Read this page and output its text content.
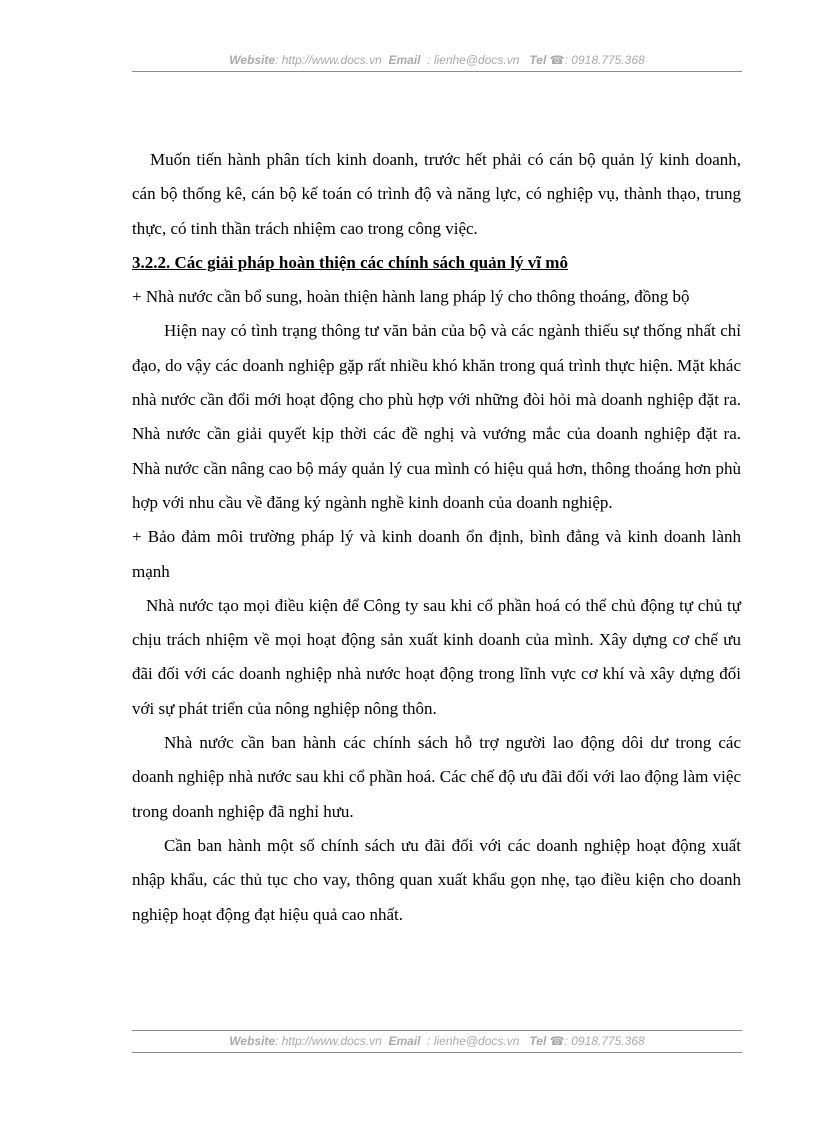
Website: http://www.docs.vn Email : lienhe@docs.vn Tel ☎: 0918.775.368

Muốn tiến hành phân tích kinh doanh, trước hết phải có cán bộ quản lý kinh doanh, cán bộ thống kê, cán bộ kế toán có trình độ và năng lực, có nghiệp vụ, thành thạo, trung thực, có tinh thần trách nhiệm cao trong công việc.

3.2.2. Các giải pháp hoàn thiện các chính sách quản lý vĩ mô

+ Nhà nước cần bổ sung, hoàn thiện hành lang pháp lý cho thông thoáng, đồng bộ

Hiện nay có tình trạng thông tư văn bản của bộ và các ngành thiếu sự thống nhất chỉ đạo, do vậy các doanh nghiệp gặp rất nhiều khó khăn trong quá trình thực hiện. Mặt khác nhà nước cần đổi mới hoạt động cho phù hợp với những đòi hỏi mà doanh nghiệp đặt ra. Nhà nước cần giải quyết kịp thời các đề nghị và vướng mắc của doanh nghiệp đặt ra. Nhà nước cần nâng cao bộ máy quản lý cua mình có hiệu quả hơn, thông thoáng hơn phù hợp với nhu cầu về đăng ký ngành nghề kinh doanh của doanh nghiệp.

+ Bảo đảm môi trường pháp lý và kinh doanh ổn định, bình đẳng và kinh doanh lành mạnh

Nhà nước tạo mọi điều kiện để Công ty sau khi cổ phần hoá có thể chủ động tự chủ tự chịu trách nhiệm về mọi hoạt động sản xuất kinh doanh của mình. Xây dựng cơ chế ưu đãi đối với các doanh nghiệp nhà nước hoạt động trong lĩnh vực cơ khí và xây dựng đối với sự phát triển của nông nghiệp nông thôn.

Nhà nước cần ban hành các chính sách hỗ trợ người lao động dôi dư trong các doanh nghiệp nhà nước sau khi cổ phần hoá. Các chế độ ưu đãi đối với lao động làm việc trong doanh nghiệp đã nghỉ hưu.

Cần ban hành một số chính sách ưu đãi đối với các doanh nghiệp hoạt động xuất nhập khẩu, các thủ tục cho vay, thông quan xuất khẩu gọn nhẹ, tạo điều kiện cho doanh nghiệp hoạt động đạt hiệu quả cao nhất.

Website: http://www.docs.vn Email : lienhe@docs.vn Tel ☎: 0918.775.368
